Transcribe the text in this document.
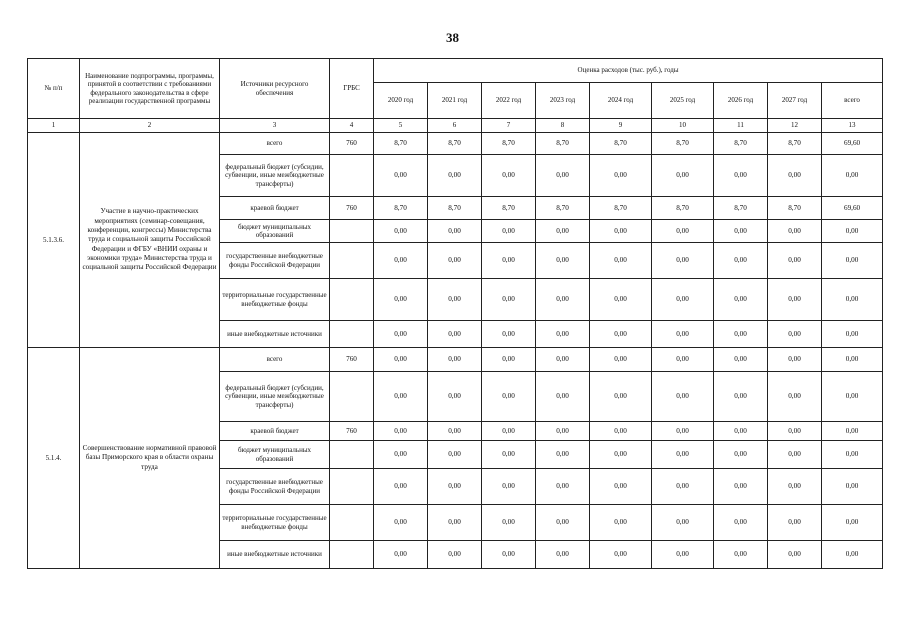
38
№ п/п	Наименование подпрограммы, программы, принятой в соответствии с требованиями федерального законодательства в сфере реализации государственной программы	Источники ресурсного обеспечения	ГРБС	Оценка расходов (тыс. руб.), годы								
				2020 год	2021 год	2022 год	2023 год	2024 год	2025 год	2026 год	2027 год	всего
1	2	3	4	5	6	7	8	9	10	11	12	13
5.1.3.6.	Участие в научно-практических мероприятиях (семинар-совещания, конференции, конгрессы) Министерства труда и социальной защиты Российской Федерации и ФГБУ «ВНИИ охраны и экономики труда» Министерства труда и социальной защиты Российской Федерации	всего	760	8,70	8,70	8,70	8,70	8,70	8,70	8,70	8,70	69,60
		федеральный бюджет (субсидии, субвенции, иные межбюджетные трансферты)		0,00	0,00	0,00	0,00	0,00	0,00	0,00	0,00	0,00
		краевой бюджет	760	8,70	8,70	8,70	8,70	8,70	8,70	8,70	8,70	69,60
		бюджет муниципальных образований		0,00	0,00	0,00	0,00	0,00	0,00	0,00	0,00	0,00
		государственные внебюджетные фонды Российской Федерации		0,00	0,00	0,00	0,00	0,00	0,00	0,00	0,00	0,00
		территориальные государственные внебюджетные фонды		0,00	0,00	0,00	0,00	0,00	0,00	0,00	0,00	0,00
		иные внебюджетные источники		0,00	0,00	0,00	0,00	0,00	0,00	0,00	0,00	0,00
5.1.4.	Совершенствование нормативной правовой базы Приморского края в области охраны труда	всего	760	0,00	0,00	0,00	0,00	0,00	0,00	0,00	0,00	0,00
		федеральный бюджет (субсидии, субвенции, иные межбюджетные трансферты)		0,00	0,00	0,00	0,00	0,00	0,00	0,00	0,00	0,00
		краевой бюджет	760	0,00	0,00	0,00	0,00	0,00	0,00	0,00	0,00	0,00
		бюджет муниципальных образований		0,00	0,00	0,00	0,00	0,00	0,00	0,00	0,00	0,00
		государственные внебюджетные фонды Российской Федерации		0,00	0,00	0,00	0,00	0,00	0,00	0,00	0,00	0,00
		территориальные государственные внебюджетные фонды		0,00	0,00	0,00	0,00	0,00	0,00	0,00	0,00	0,00
		иные внебюджетные источники		0,00	0,00	0,00	0,00	0,00	0,00	0,00	0,00	0,00
